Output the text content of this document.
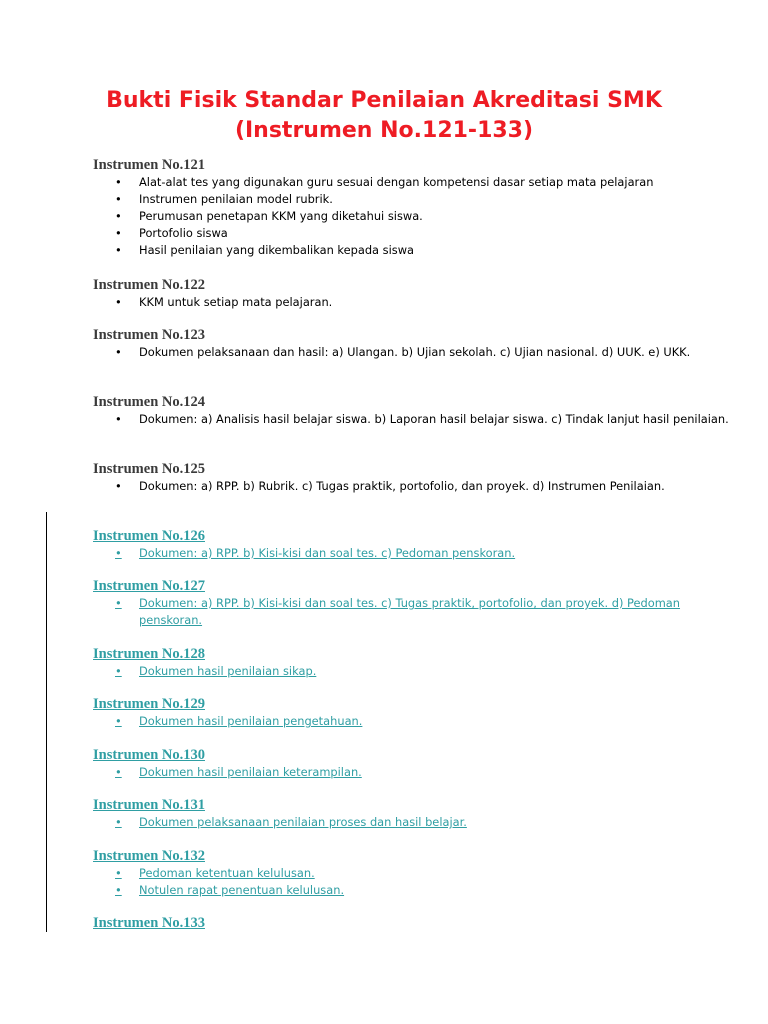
Bukti Fisik Standar Penilaian Akreditasi SMK
(Instrumen No.121-133)

Instrumen No.121

• Alat-alat tes yang digunakan guru sesuai dengan kompetensi dasar setiap mata pelajaran
• Instrumen penilaian model rubrik.
• Perumusan penetapan KKM yang diketahui siswa.
• Portofolio siswa
• Hasil penilaian yang dikembalikan kepada siswa

Instrumen No.122

• KKM untuk setiap mata pelajaran.

Instrumen No.123

• Dokumen pelaksanaan dan hasil: a) Ulangan. b) Ujian sekolah. c) Ujian nasional. d) UUK. e) UKK.

Instrumen No.124

• Dokumen: a) Analisis hasil belajar siswa. b) Laporan hasil belajar siswa. c) Tindak lanjut hasil penilaian.

Instrumen No.125

• Dokumen: a) RPP. b) Rubrik. c) Tugas praktik, portofolio, dan proyek. d) Instrumen Penilaian.

Instrumen No.126

• Dokumen: a) RPP. b) Kisi-kisi dan soal tes. c) Pedoman penskoran.

Instrumen No.127

• Dokumen: a) RPP. b) Kisi-kisi dan soal tes. c) Tugas praktik, portofolio, dan proyek. d) Pedoman penskoran.

Instrumen No.128

• Dokumen hasil penilaian sikap.

Instrumen No.129

• Dokumen hasil penilaian pengetahuan.

Instrumen No.130

• Dokumen hasil penilaian keterampilan.

Instrumen No.131

• Dokumen pelaksanaan penilaian proses dan hasil belajar.

Instrumen No.132

• Pedoman ketentuan kelulusan.
• Notulen rapat penentuan kelulusan.

Instrumen No.133
